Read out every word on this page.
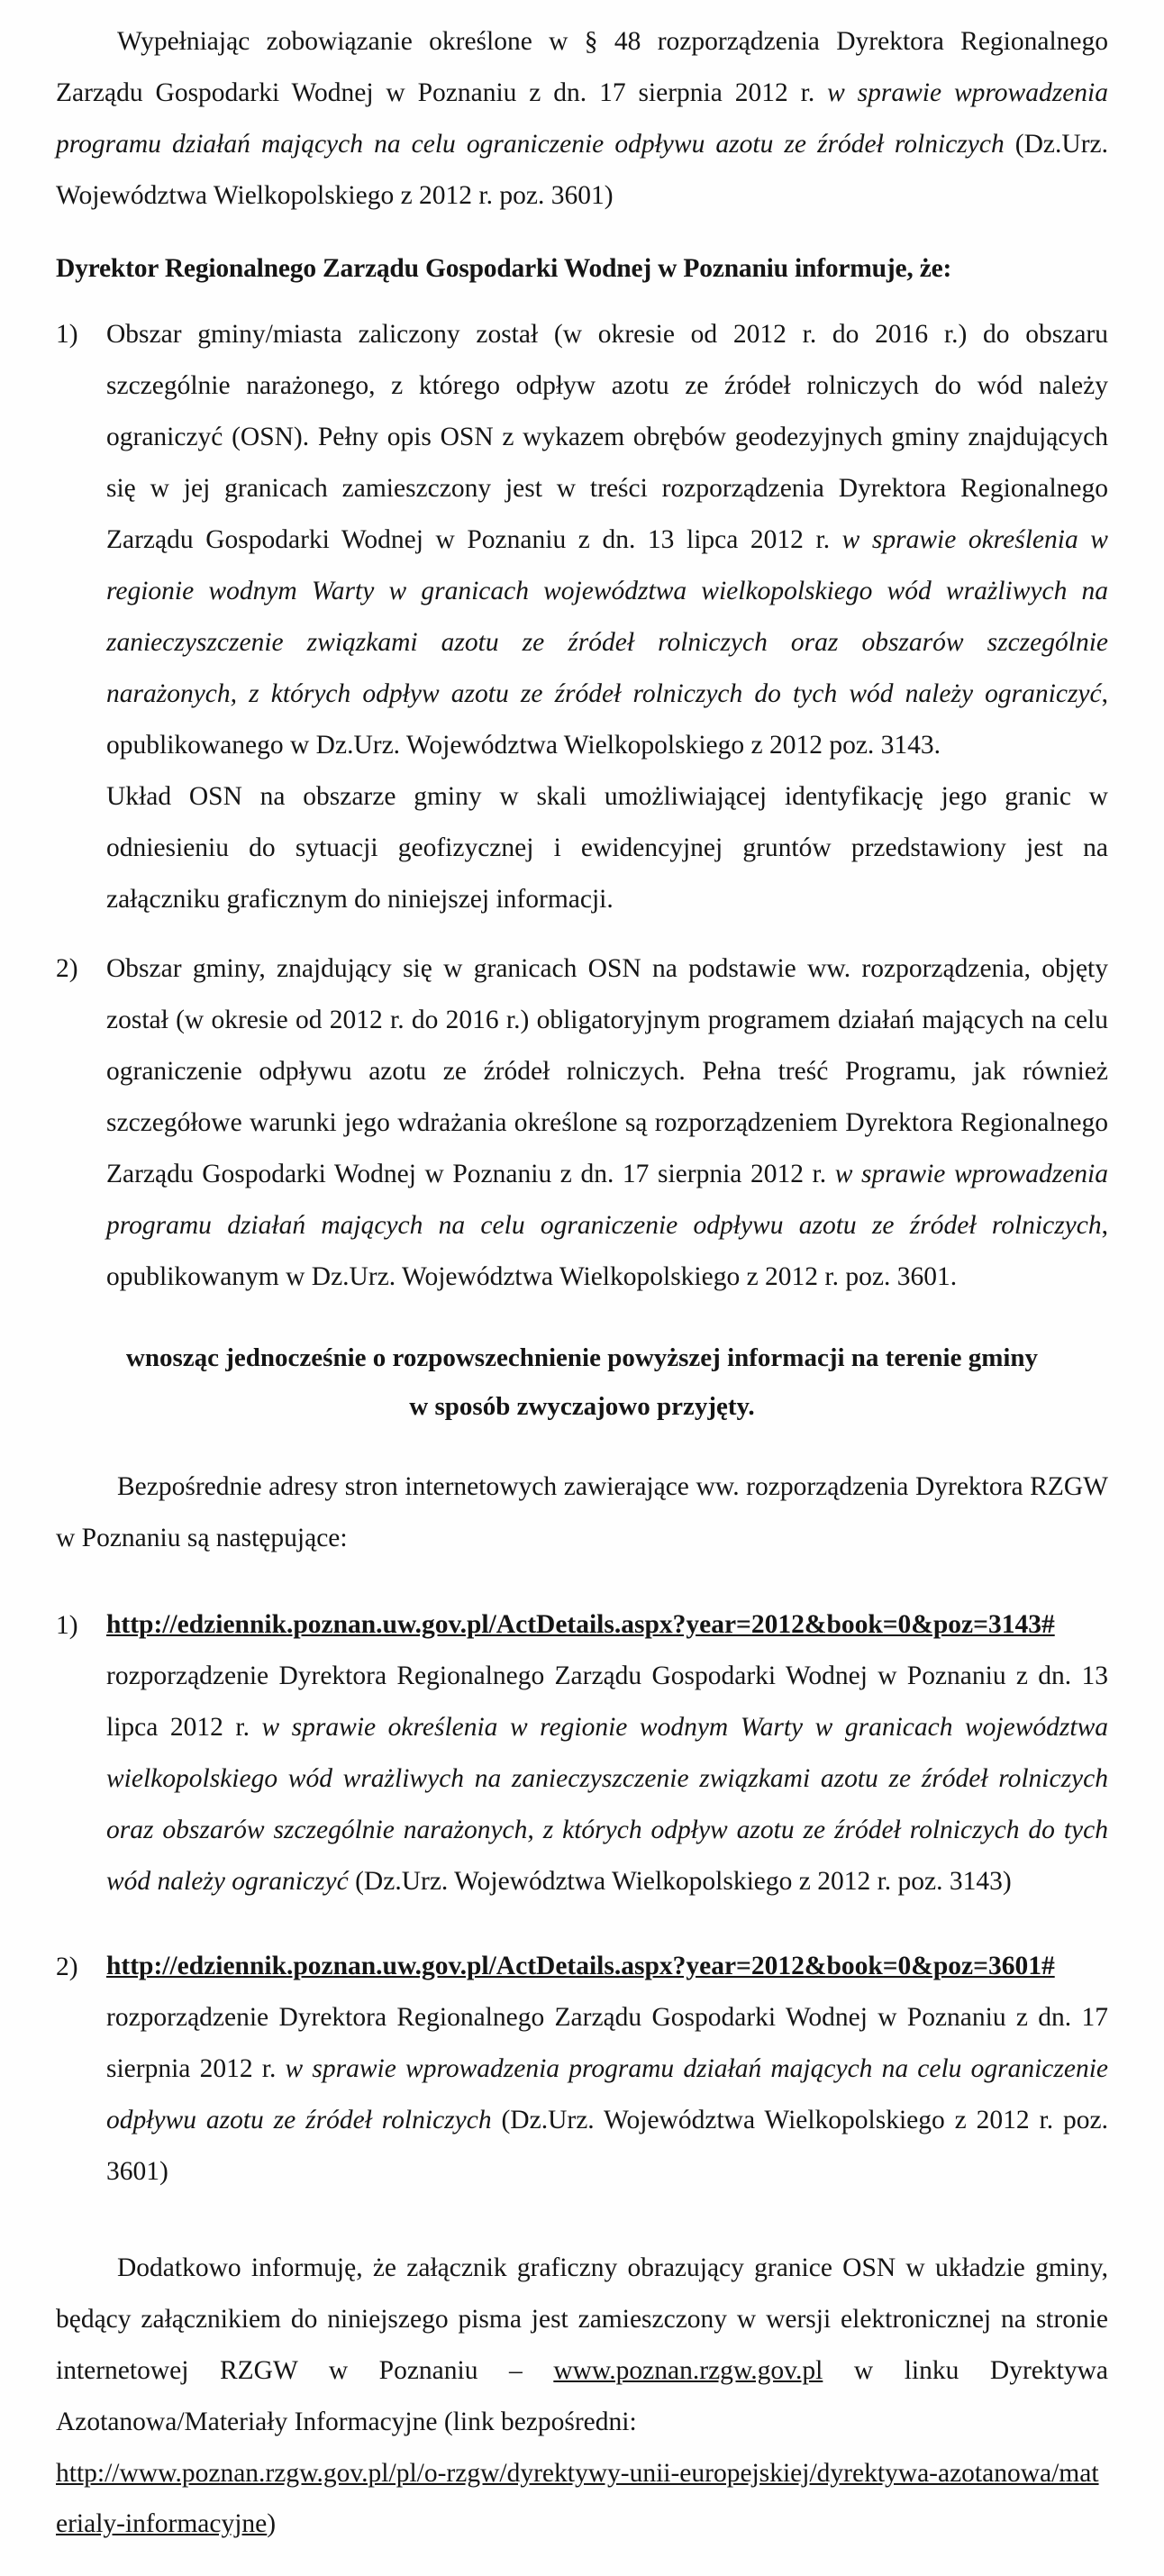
Wypełniając zobowiązanie określone w § 48 rozporządzenia Dyrektora Regionalnego Zarządu Gospodarki Wodnej w Poznaniu z dn. 17 sierpnia 2012 r. w sprawie wprowadzenia programu działań mających na celu ograniczenie odpływu azotu ze źródeł rolniczych (Dz.Urz. Województwa Wielkopolskiego z 2012 r. poz. 3601)

Dyrektor Regionalnego Zarządu Gospodarki Wodnej w Poznaniu informuje, że:

1)	Obszar gminy/miasta zaliczony został (w okresie od 2012 r. do 2016 r.) do obszaru szczególnie narażonego, z którego odpływ azotu ze źródeł rolniczych do wód należy ograniczyć (OSN). Pełny opis OSN z wykazem obrębów geodezyjnych gminy znajdujących się w jej granicach zamieszczony jest w treści rozporządzenia Dyrektora Regionalnego Zarządu Gospodarki Wodnej w Poznaniu z dn. 13 lipca 2012 r. w sprawie określenia w regionie wodnym Warty w granicach województwa wielkopolskiego wód wrażliwych na zanieczyszczenie związkami azotu ze źródeł rolniczych oraz obszarów szczególnie narażonych, z których odpływ azotu ze źródeł rolniczych do tych wód należy ograniczyć, opublikowanego w Dz.Urz. Województwa Wielkopolskiego z 2012 poz. 3143.

Układ OSN na obszarze gminy w skali umożliwiającej identyfikację jego granic w odniesieniu do sytuacji geofizycznej i ewidencyjnej gruntów przedstawiony jest na załączniku graficznym do niniejszej informacji.

2)	Obszar gminy, znajdujący się w granicach OSN na podstawie ww. rozporządzenia, objęty został (w okresie od 2012 r. do 2016 r.) obligatoryjnym programem działań mających na celu ograniczenie odpływu azotu ze źródeł rolniczych. Pełna treść Programu, jak również szczegółowe warunki jego wdrażania określone są rozporządzeniem Dyrektora Regionalnego Zarządu Gospodarki Wodnej w Poznaniu z dn. 17 sierpnia 2012 r. w sprawie wprowadzenia programu działań mających na celu ograniczenie odpływu azotu ze źródeł rolniczych, opublikowanym w Dz.Urz. Województwa Wielkopolskiego z 2012 r. poz. 3601.

wnosząc jednocześnie o rozpowszechnienie powyższej informacji na terenie gminy
w sposób zwyczajowo przyjęty.

Bezpośrednie adresy stron internetowych zawierające ww. rozporządzenia Dyrektora RZGW w Poznaniu są następujące:

1)	http://edziennik.poznan.uw.gov.pl/ActDetails.aspx?year=2012&book=0&poz=3143#

rozporządzenie Dyrektora Regionalnego Zarządu Gospodarki Wodnej w Poznaniu z dn. 13 lipca 2012 r. w sprawie określenia w regionie wodnym Warty w granicach województwa wielkopolskiego wód wrażliwych na zanieczyszczenie związkami azotu ze źródeł rolniczych oraz obszarów szczególnie narażonych, z których odpływ azotu ze źródeł rolniczych do tych wód należy ograniczyć (Dz.Urz. Województwa Wielkopolskiego z 2012 r. poz. 3143)

2)	http://edziennik.poznan.uw.gov.pl/ActDetails.aspx?year=2012&book=0&poz=3601#

rozporządzenie Dyrektora Regionalnego Zarządu Gospodarki Wodnej w Poznaniu z dn. 17 sierpnia 2012 r. w sprawie wprowadzenia programu działań mających na celu ograniczenie odpływu azotu ze źródeł rolniczych (Dz.Urz. Województwa Wielkopolskiego z 2012 r. poz. 3601)

Dodatkowo informuję, że załącznik graficzny obrazujący granice OSN w układzie gminy, będący załącznikiem do niniejszego pisma jest zamieszczony w wersji elektronicznej na stronie internetowej RZGW w Poznaniu – www.poznan.rzgw.gov.pl w linku Dyrektywa Azotanowa/Materiały Informacyjne (link bezpośredni:

http://www.poznan.rzgw.gov.pl/pl/o-rzgw/dyrektywy-unii-europejskiej/dyrektywa-azotanowa/materialy-informacyjne)
